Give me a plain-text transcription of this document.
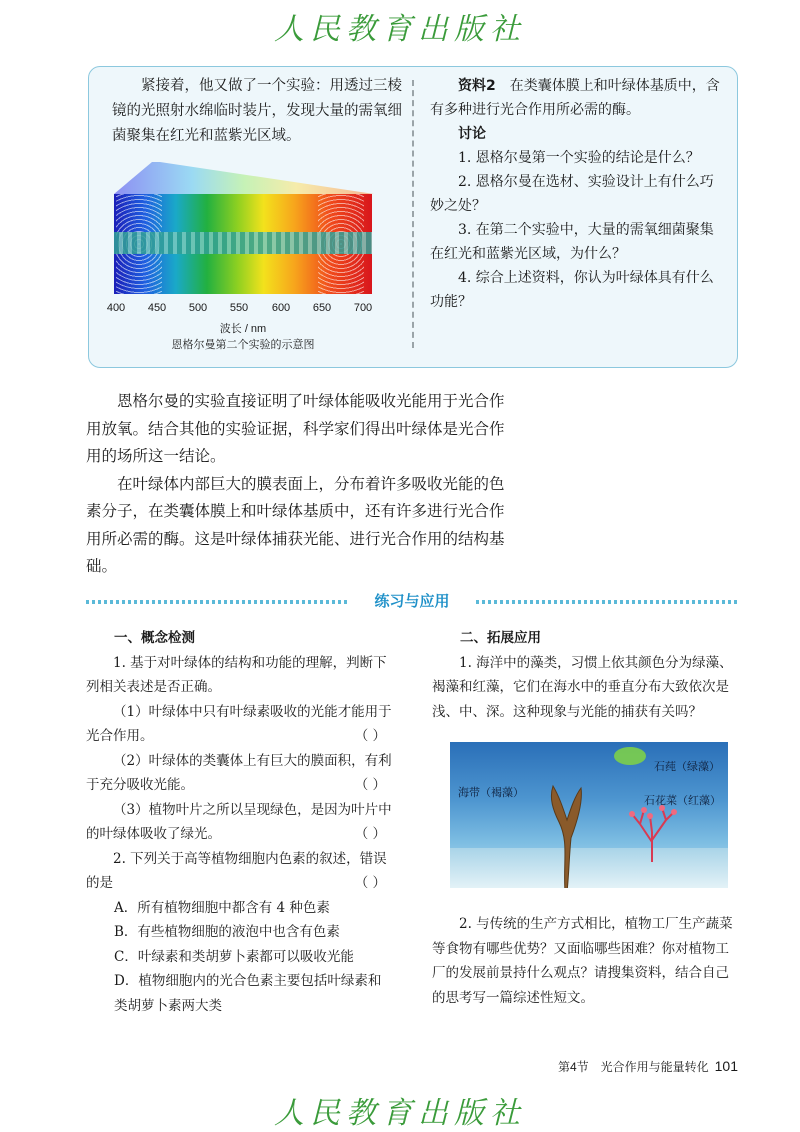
人民教育出版社
紧接着，他又做了一个实验：用透过三棱镜的光照射水绵临时装片，发现大量的需氧细菌聚集在红光和蓝紫光区域。
400 450 500 550 600 650 700
波长 / nm
恩格尔曼第二个实验的示意图

资料2　 在类囊体膜上和叶绿体基质中，含有多种进行光合作用所必需的酶。

讨论

1. 恩格尔曼第一个实验的结论是什么？

2. 恩格尔曼在选材、实验设计上有什么巧妙之处？

3. 在第二个实验中，大量的需氧细菌聚集在红光和蓝紫光区域，为什么？

4. 综合上述资料，你认为叶绿体具有什么功能？

恩格尔曼的实验直接证明了叶绿体能吸收光能用于光合作用放氧。结合其他的实验证据，科学家们得出叶绿体是光合作用的场所这一结论。

在叶绿体内部巨大的膜表面上，分布着许多吸收光能的色素分子，在类囊体膜上和叶绿体基质中，还有许多进行光合作用所必需的酶。这是叶绿体捕获光能、进行光合作用的结构基础。

练习与应用

一、概念检测

1. 基于对叶绿体的结构和功能的理解，判断下列相关表述是否正确。

（1）叶绿体中只有叶绿素吸收的光能才能用于光合作用。	（ ）

（2）叶绿体的类囊体上有巨大的膜面积，有利于充分吸收光能。	（ ）

（3）植物叶片之所以呈现绿色，是因为叶片中的叶绿体吸收了绿光。	（ ）

2. 下列关于高等植物细胞内色素的叙述，错误的是	（ ）

A．所有植物细胞中都含有 4 种色素

B．有些植物细胞的液泡中也含有色素

C．叶绿素和类胡萝卜素都可以吸收光能

D．植物细胞内的光合色素主要包括叶绿素和类胡萝卜素两大类

二、拓展应用

1. 海洋中的藻类，习惯上依其颜色分为绿藻、褐藻和红藻，它们在海水中的垂直分布大致依次是浅、中、深。这种现象与光能的捕获有关吗？

石莼（绿藻）
海带（褐藻）
石花菜（红藻）

2. 与传统的生产方式相比，植物工厂生产蔬菜等食物有哪些优势？又面临哪些困难？你对植物工厂的发展前景持什么观点？请搜集资料，结合自己的思考写一篇综述性短文。

第4节　光合作用与能量转化 101
人民教育出版社
